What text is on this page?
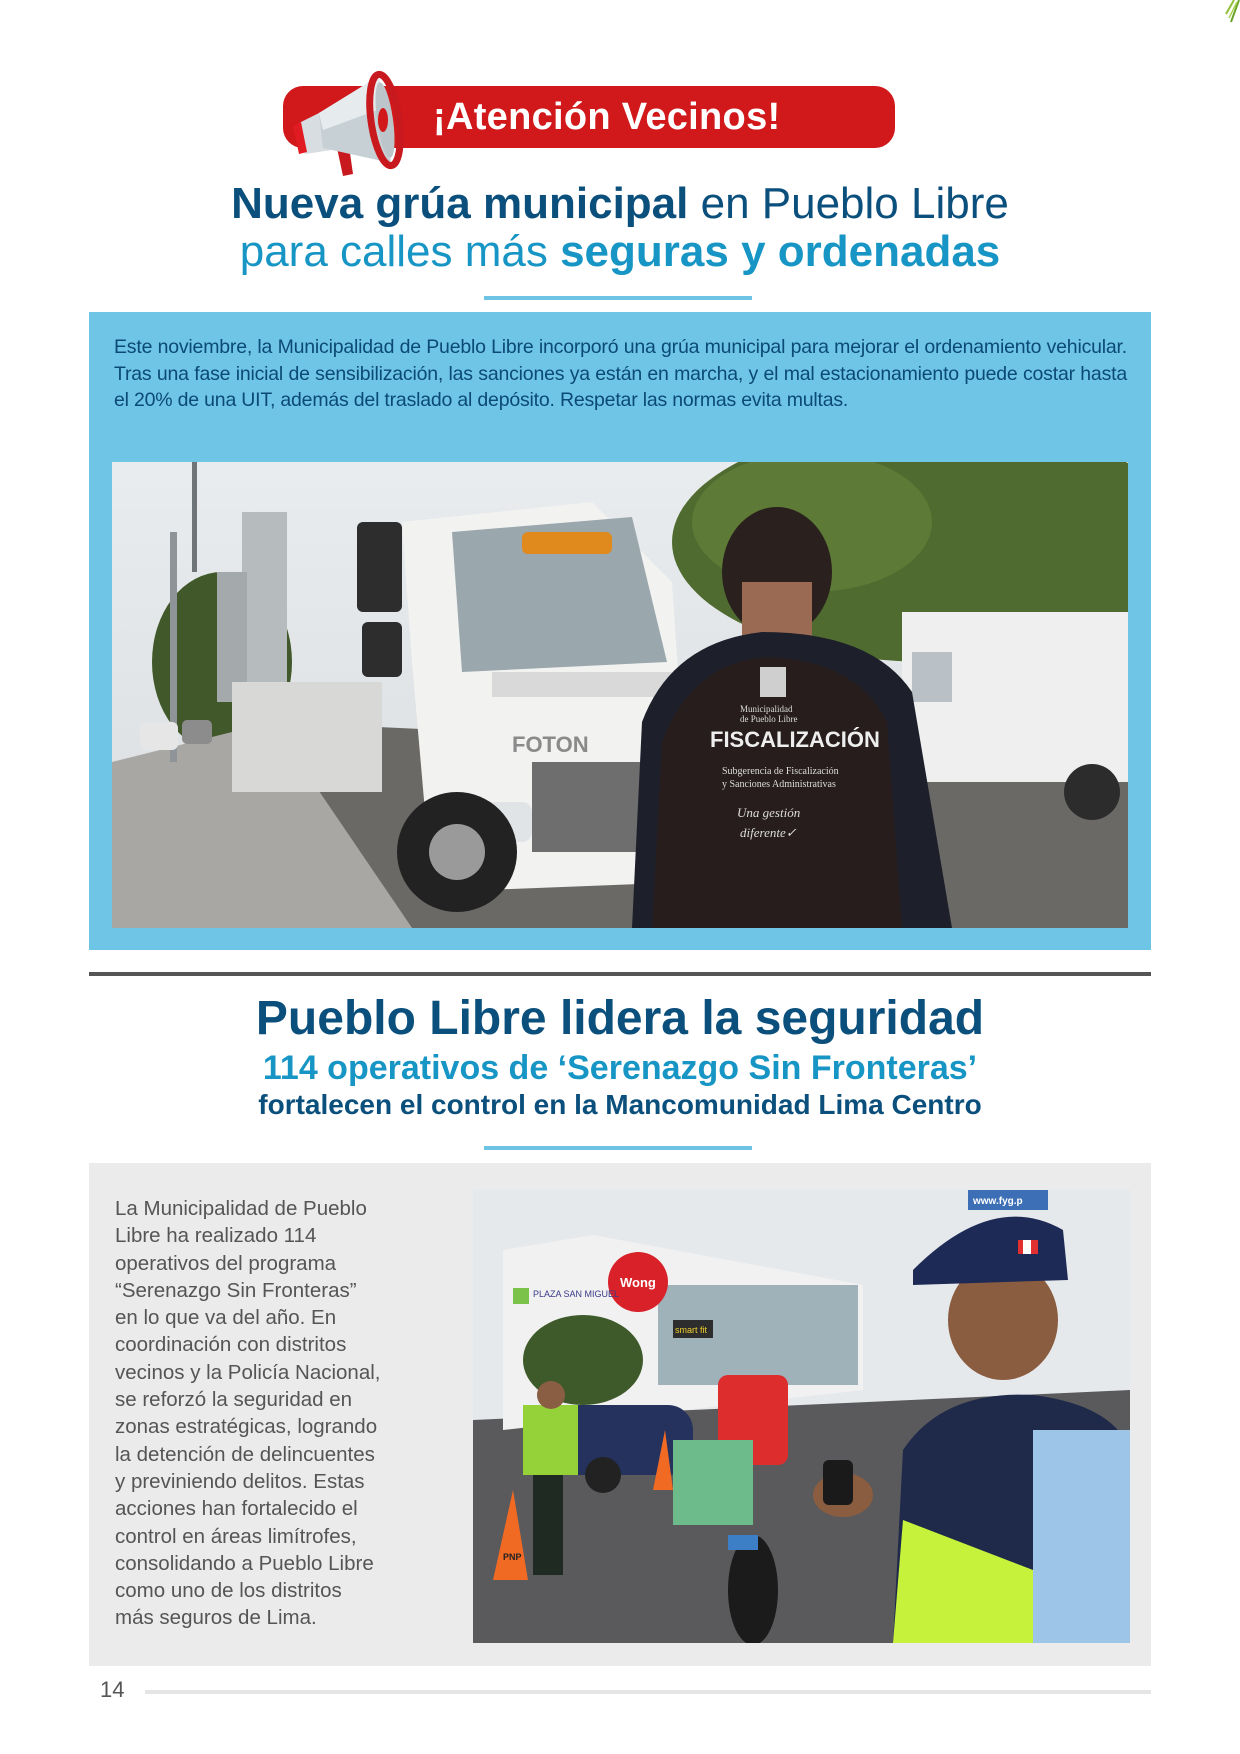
¡Atención Vecinos!
Nueva grúa municipal en Pueblo Libre
para calles más seguras y ordenadas

Este noviembre, la Municipalidad de Pueblo Libre incorporó una grúa municipal para mejorar el ordenamiento vehicular. Tras una fase inicial de sensibilización, las sanciones ya están en marcha, y el mal estacionamiento puede costar hasta el 20% de una UIT, además del traslado al depósito. Respetar las normas evita multas.

FOTON	FISCALIZACIÓN
Subgerencia de Fiscalización
y Sanciones Administrativas
Una gestión
diferente✓
Municipalidad
de Pueblo Libre
Pueblo Libre lidera la seguridad
114 operativos de ‘Serenazgo Sin Fronteras’
fortalecen el control en la Mancomunidad Lima Centro
La Municipalidad de Pueblo
Libre ha realizado 114
operativos del programa
“Serenazgo Sin Fronteras”
en lo que va del año. En
coordinación con distritos
vecinos y la Policía Nacional,
se reforzó la seguridad en
zonas estratégicas, logrando
la detención de delincuentes
y previniendo delitos. Estas
acciones han fortalecido el
control en áreas limítrofes,
consolidando a Pueblo Libre
como uno de los distritos
más seguros de Lima.
Wong
PLAZA SAN MIGUEL
smart fit
www.fyg.p
PNP
14
